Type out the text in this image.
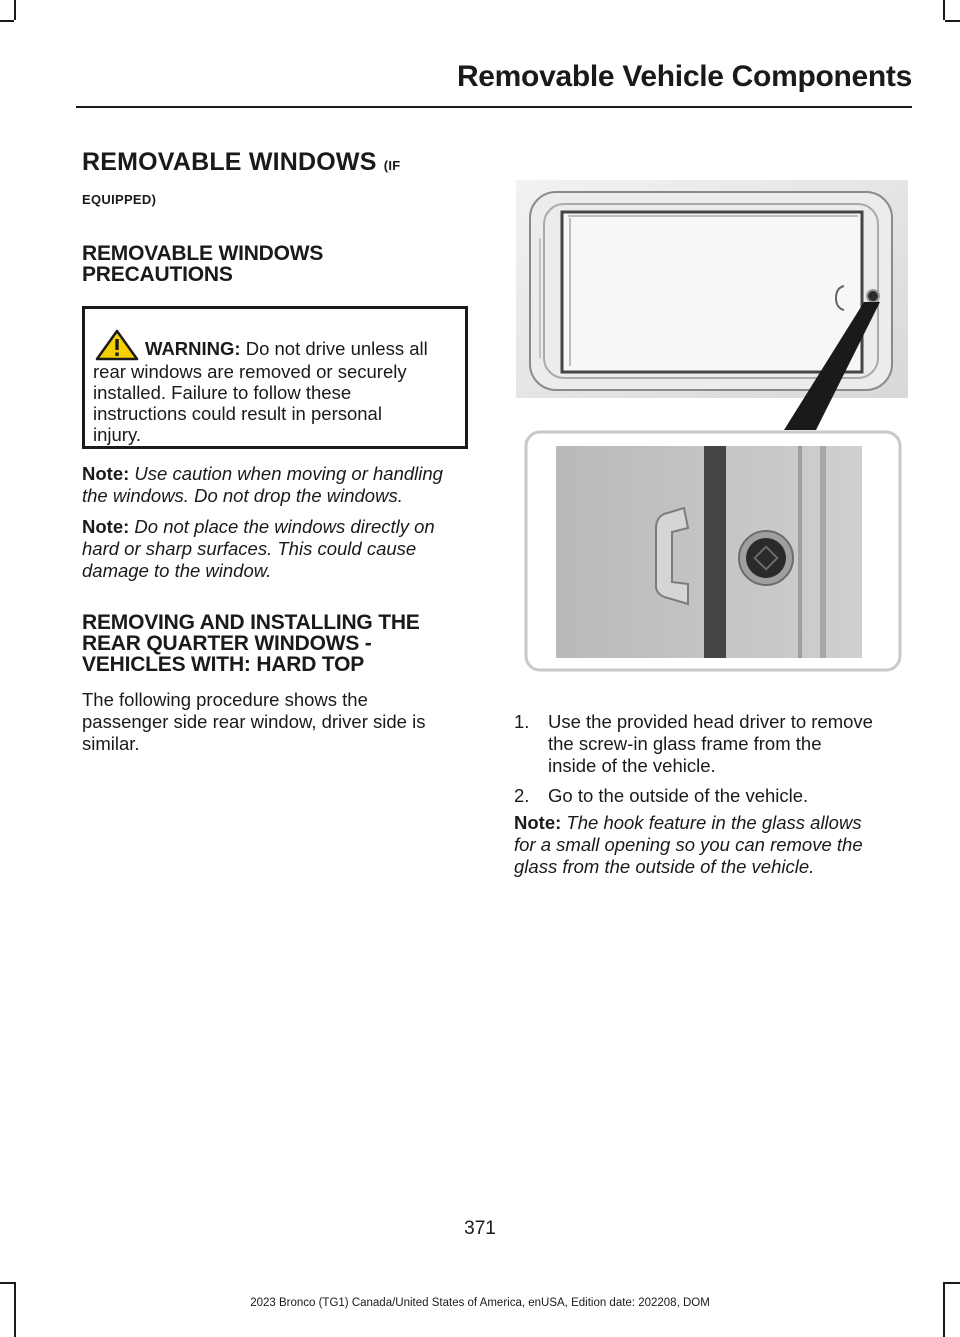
Removable Vehicle Components
REMOVABLE WINDOWS (IF
EQUIPPED)
REMOVABLE WINDOWS
PRECAUTIONS
WARNING: Do not drive unless all
rear windows are removed or securely
installed. Failure to follow these
instructions could result in personal
injury.
Note: Use caution when moving or handling
the windows. Do not drop the windows.
Note: Do not place the windows directly on
hard or sharp surfaces. This could cause
damage to the window.
REMOVING AND INSTALLING THE
REAR QUARTER WINDOWS -
VEHICLES WITH: HARD TOP
The following procedure shows the
passenger side rear window, driver side is
similar.
1. Use the provided head driver to remove
the screw-in glass frame from the
inside of the vehicle.
2. Go to the outside of the vehicle.
Note: The hook feature in the glass allows
for a small opening so you can remove the
glass from the outside of the vehicle.
371
2023 Bronco (TG1) Canada/United States of America, enUSA, Edition date: 202208, DOM
